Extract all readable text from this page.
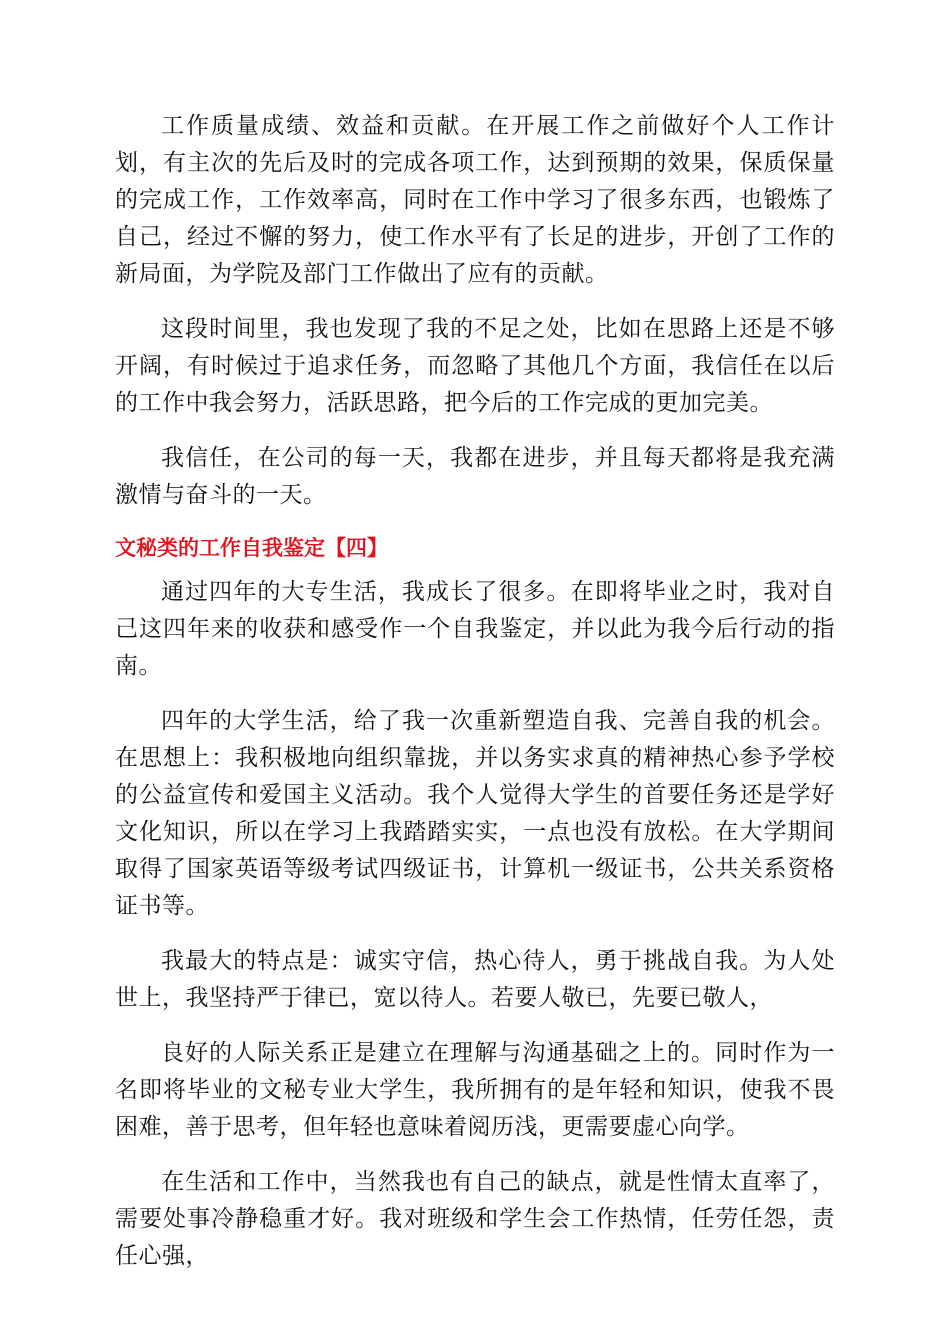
工作质量成绩、效益和贡献。在开展工作之前做好个人工作计划，有主次的先后及时的完成各项工作，达到预期的效果，保质保量的完成工作，工作效率高，同时在工作中学习了很多东西，也锻炼了自己，经过不懈的努力，使工作水平有了长足的进步，开创了工作的新局面，为学院及部门工作做出了应有的贡献。

这段时间里，我也发现了我的不足之处，比如在思路上还是不够开阔，有时候过于追求任务，而忽略了其他几个方面，我信任在以后的工作中我会努力，活跃思路，把今后的工作完成的更加完美。

我信任，在公司的每一天，我都在进步，并且每天都将是我充满激情与奋斗的一天。

文秘类的工作自我鉴定【四】

通过四年的大专生活，我成长了很多。在即将毕业之时，我对自己这四年来的收获和感受作一个自我鉴定，并以此为我今后行动的指南。

四年的大学生活，给了我一次重新塑造自我、完善自我的机会。在思想上：我积极地向组织靠拢，并以务实求真的精神热心参予学校的公益宣传和爱国主义活动。我个人觉得大学生的首要任务还是学好文化知识，所以在学习上我踏踏实实，一点也没有放松。在大学期间取得了国家英语等级考试四级证书，计算机一级证书，公共关系资格证书等。

我最大的特点是：诚实守信，热心待人，勇于挑战自我。为人处世上，我坚持严于律已，宽以待人。若要人敬已，先要已敬人，

良好的人际关系正是建立在理解与沟通基础之上的。同时作为一名即将毕业的文秘专业大学生，我所拥有的是年轻和知识，使我不畏困难，善于思考，但年轻也意味着阅历浅，更需要虚心向学。

在生活和工作中，当然我也有自己的缺点，就是性情太直率了，需要处事冷静稳重才好。我对班级和学生会工作热情，任劳任怨，责任心强，
